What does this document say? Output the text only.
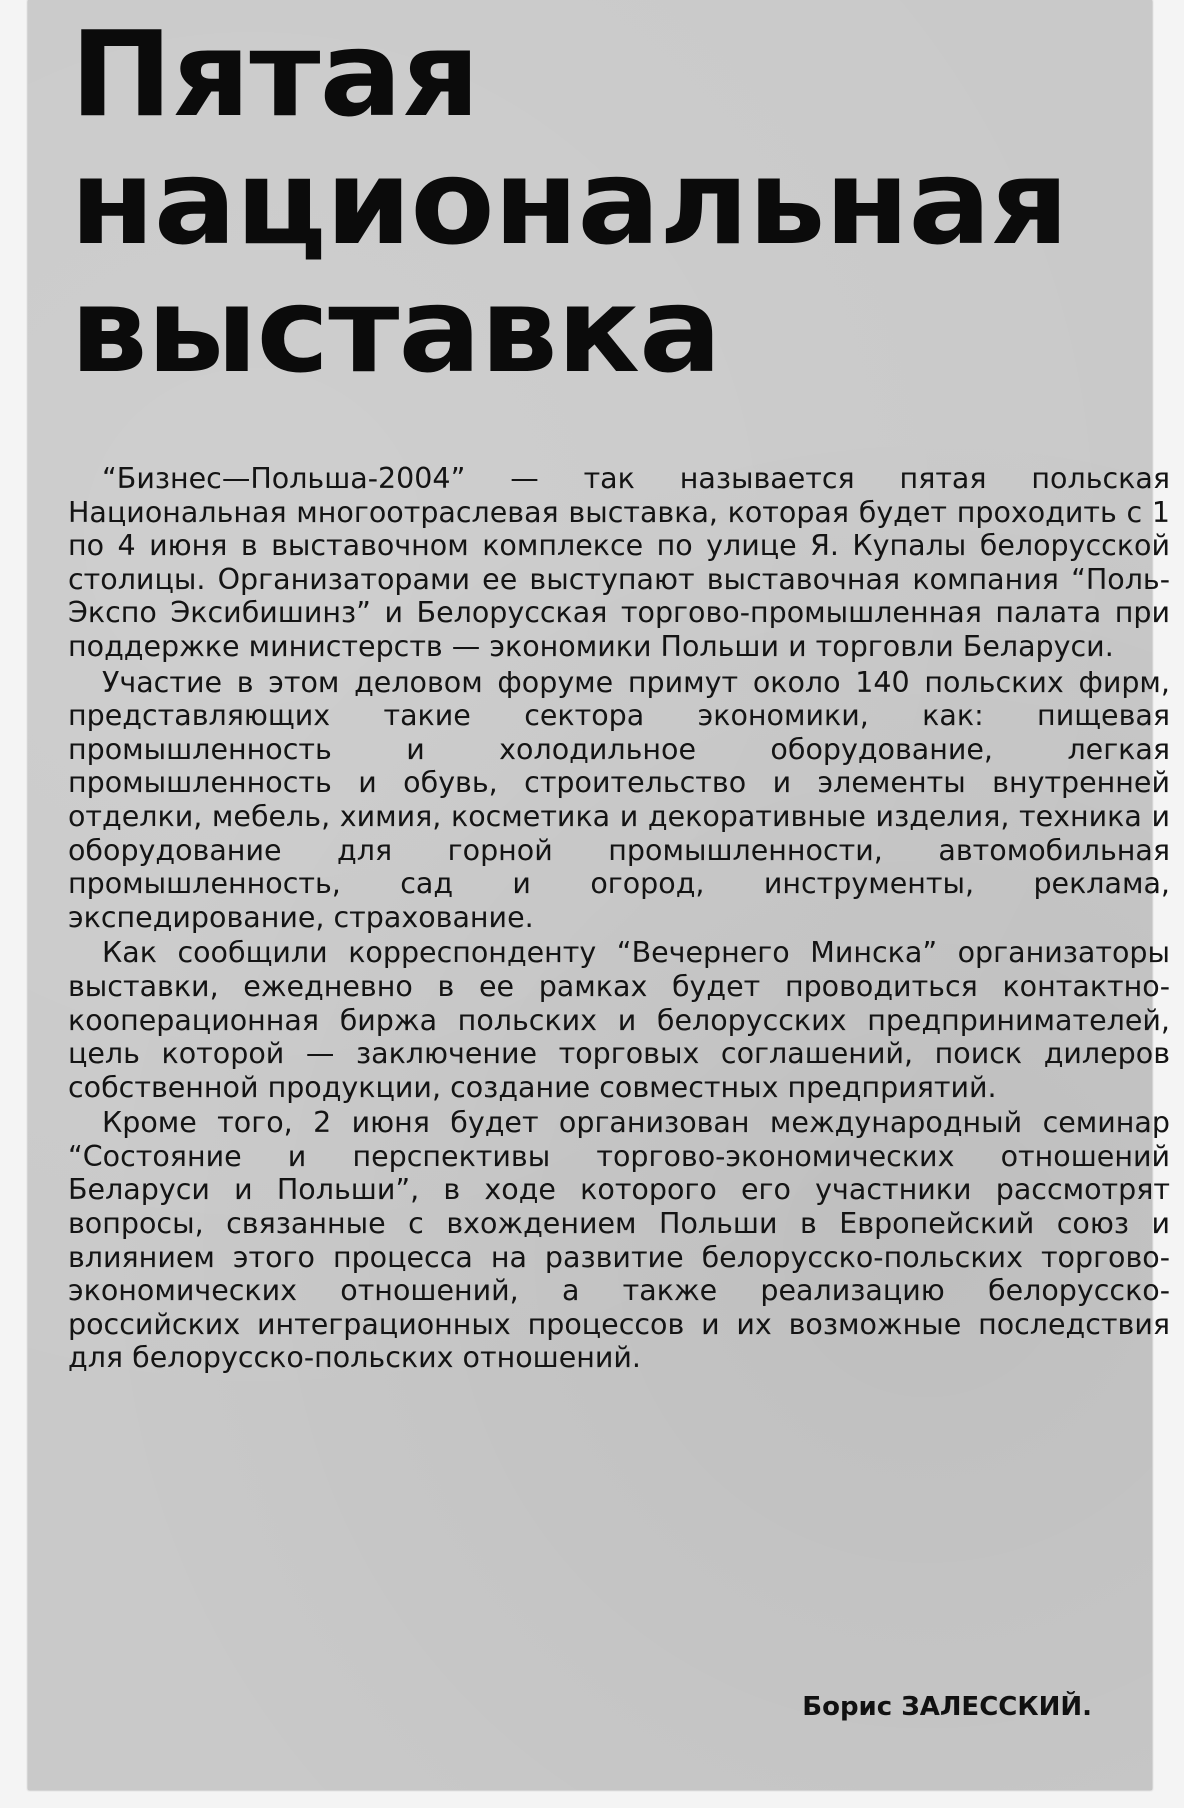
Пятая
национальная
выставка

“Бизнес—Польша-2004” — так называется пятая польская Национальная многоотраслевая выставка, которая будет проходить с 1 по 4 июня в выставочном комплексе по улице Я. Купалы белорусской столицы. Организаторами ее выступают выставочная компания “Поль-Экспо Эксибишинз” и Белорусская торгово-промышленная палата при поддержке министерств — экономики Польши и торговли Беларуси.

Участие в этом деловом форуме примут около 140 польских фирм, представляющих такие сектора экономики, как: пищевая промышленность и холодильное оборудование, легкая промышленность и обувь, строительство и элементы внутренней отделки, мебель, химия, косметика и декоративные изделия, техника и оборудование для горной промышленности, автомобильная промышленность, сад и огород, инструменты, реклама, экспедирование, страхование.

Как сообщили корреспонденту “Вечернего Минска” организаторы выставки, ежедневно в ее рамках будет проводиться контактно-кооперационная биржа польских и белорусских предпринимателей, цель которой — заключение торговых соглашений, поиск дилеров собственной продукции, создание совместных предприятий.

Кроме того, 2 июня будет организован международный семинар “Состояние и перспективы торгово-экономических отношений Беларуси и Польши”, в ходе которого его участники рассмотрят вопросы, связанные с вхождением Польши в Европейский союз и влиянием этого процесса на развитие белорусско-польских торгово-экономических отношений, а также реализацию белорусско-российских интеграционных процессов и их возможные последствия для белорусско-польских отношений.

Борис ЗАЛЕССКИЙ.
